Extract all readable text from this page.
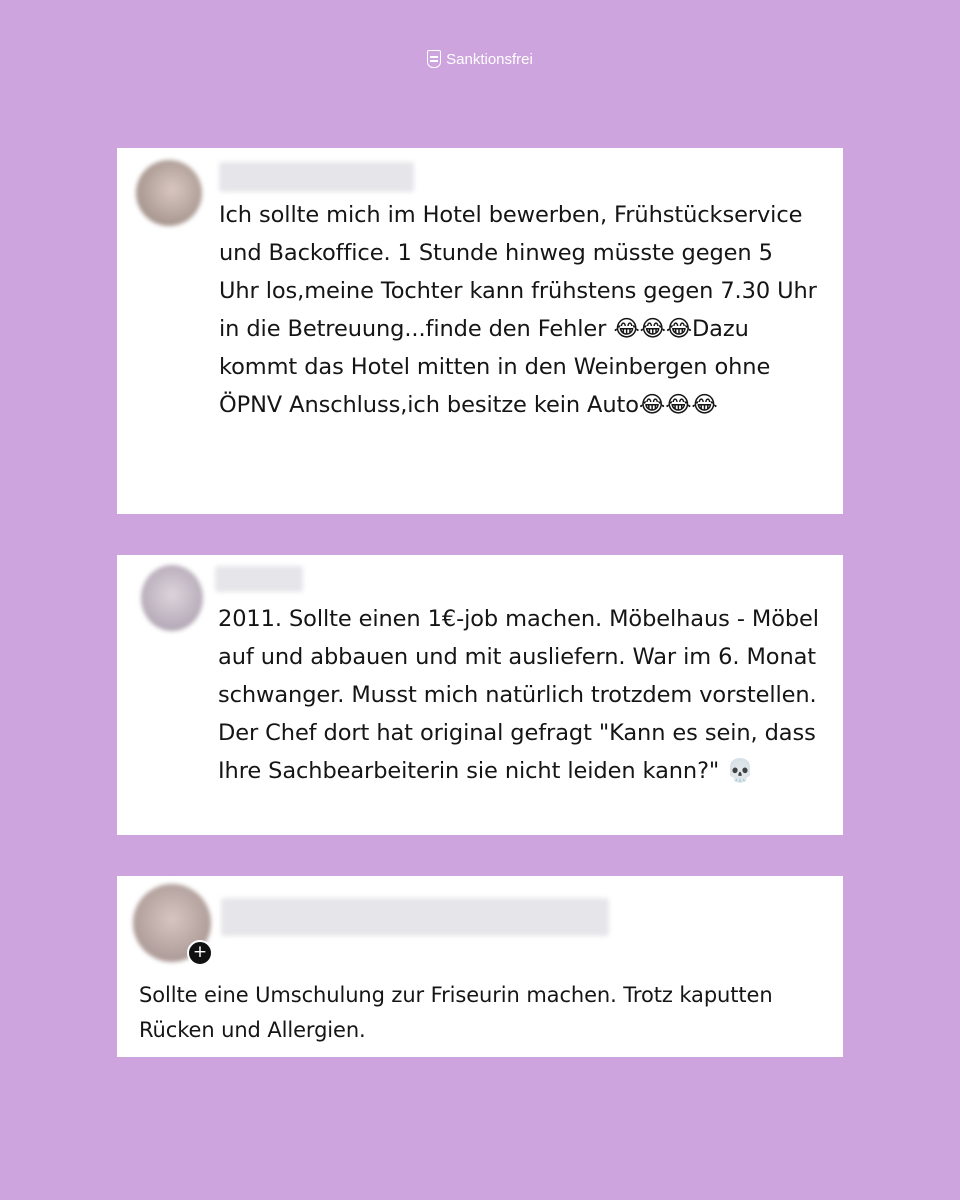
Sanktionsfrei

Ich sollte mich im Hotel bewerben, Frühstückservice und Backoffice. 1 Stunde hinweg müsste gegen 5 Uhr los,meine Tochter kann frühstens gegen 7.30 Uhr in die Betreuung...finde den Fehler 😂😂😂Dazu kommt das Hotel mitten in den Weinbergen ohne ÖPNV Anschluss,ich besitze kein Auto😂😂😂

2011. Sollte einen 1€-job machen. Möbelhaus - Möbel auf und abbauen und mit ausliefern. War im 6. Monat schwanger. Musst mich natürlich trotzdem vorstellen. Der Chef dort hat original gefragt "Kann es sein, dass Ihre Sachbearbeiterin sie nicht leiden kann?" 💀

+

Sollte eine Umschulung zur Friseurin machen. Trotz kaputten Rücken und Allergien.
